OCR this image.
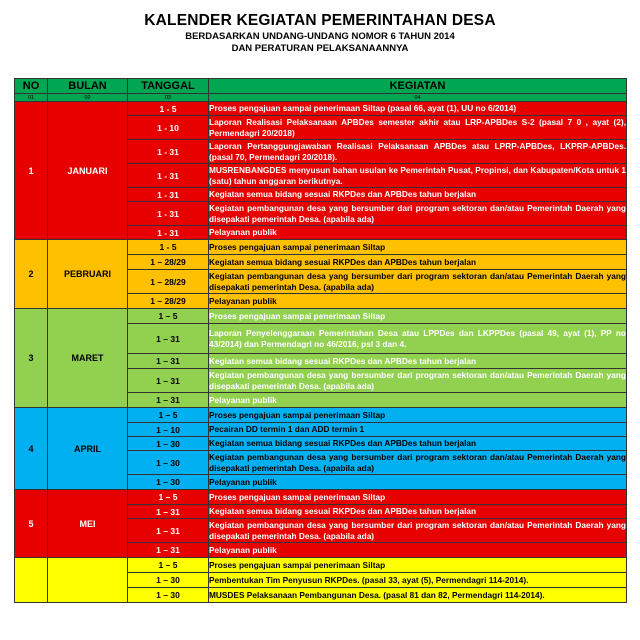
KALENDER KEGIATAN PEMERINTAHAN DESA
BERDASARKAN UNDANG-UNDANG NOMOR 6 TAHUN 2014
DAN PERATURAN PELAKSANAANNYA
NO	BULAN	TANGGAL	KEGIATAN
01	02	03	04
1	JANUARI	1 - 5	Proses pengajuan sampai penerimaan Siltap (pasal 66, ayat (1), UU no 6/2014)
		1 - 10	Laporan Realisasi Pelaksanaan APBDes semester akhir atau LRP-APBDes S-2 (pasal 7 0 , ayat (2), Permendagri 20/2018)
		1 - 31	Laporan Pertanggungjawaban Realisasi Pelaksanaan APBDes atau LPRP-APBDes, LKPRP-APBDes.(pasal 70, Permendagri 20/2018).
		1 - 31	MUSRENBANGDES menyusun bahan usulan ke Pemerintah Pusat, Propinsi, dan Kabupaten/Kota untuk 1 (satu) tahun anggaran berikutnya.
		1 - 31	Kegiatan semua bidang sesuai RKPDes dan APBDes tahun berjalan
		1 - 31	Kegiatan pembangunan desa yang bersumber dari program sektoran dan/atau Pemerintah Daerah yang disepakati pemerintah Desa. (apabila ada)
		1 - 31	Pelayanan publik
2	PEBRUARI	1 - 5	Proses pengajuan sampai penerimaan Siltap
		1 – 28/29	Kegiatan semua bidang sesuai RKPDes dan APBDes tahun berjalan
		1 – 28/29	Kegiatan pembangunan desa yang bersumber dari program sektoran dan/atau Pemerintah Daerah yang disepakati pemerintah Desa. (apabila ada)
		1 – 28/29	Pelayanan publik
3	MARET	1 – 5	Proses pengajuan sampai penerimaan Siltap
		1 – 31	Laporan Penyelenggaraan Pemerintahan Desa atau LPPDes dan LKPPDes (pasal 49, ayat (1), PP no 43/2014) dan Permendagri no 46/2016, psl 3 dan 4.
		1 – 31	Kegiatan semua bidang sesuai RKPDes dan APBDes tahun berjalan
		1 – 31	Kegiatan pembangunan desa yang bersumber dari program sektoran dan/atau Pemerintah Daerah yang disepakati pemerintah Desa. (apabila ada)
		1 – 31	Pelayanan publik
4	APRIL	1 – 5	Proses pengajuan sampai penerimaan Siltap
		1 – 10	Pecairan DD termin 1 dan ADD termin 1
		1 – 30	Kegiatan semua bidang sesuai RKPDes dan APBDes tahun berjalan
		1 – 30	Kegiatan pembangunan desa yang bersumber dari program sektoran dan/atau Pemerintah Daerah yang disepakati pemerintah Desa. (apabila ada)
		1 – 30	Pelayanan publik
5	MEI	1 – 5	Proses pengajuan sampai penerimaan Siltap
		1 – 31	Kegiatan semua bidang sesuai RKPDes dan APBDes tahun berjalan
		1 – 31	Kegiatan pembangunan desa yang bersumber dari program sektoran dan/atau Pemerintah Daerah yang disepakati pemerintah Desa. (apabila ada)
		1 – 31	Pelayanan publik
		1 – 5	Proses pengajuan sampai penerimaan Siltap
		1 – 30	Pembentukan Tim Penyusun RKPDes. (pasal 33, ayat (5), Permendagri 114-2014).
		1 – 30	MUSDES Pelaksanaan Pembangunan Desa. (pasal 81 dan 82, Permendagri 114-2014).
